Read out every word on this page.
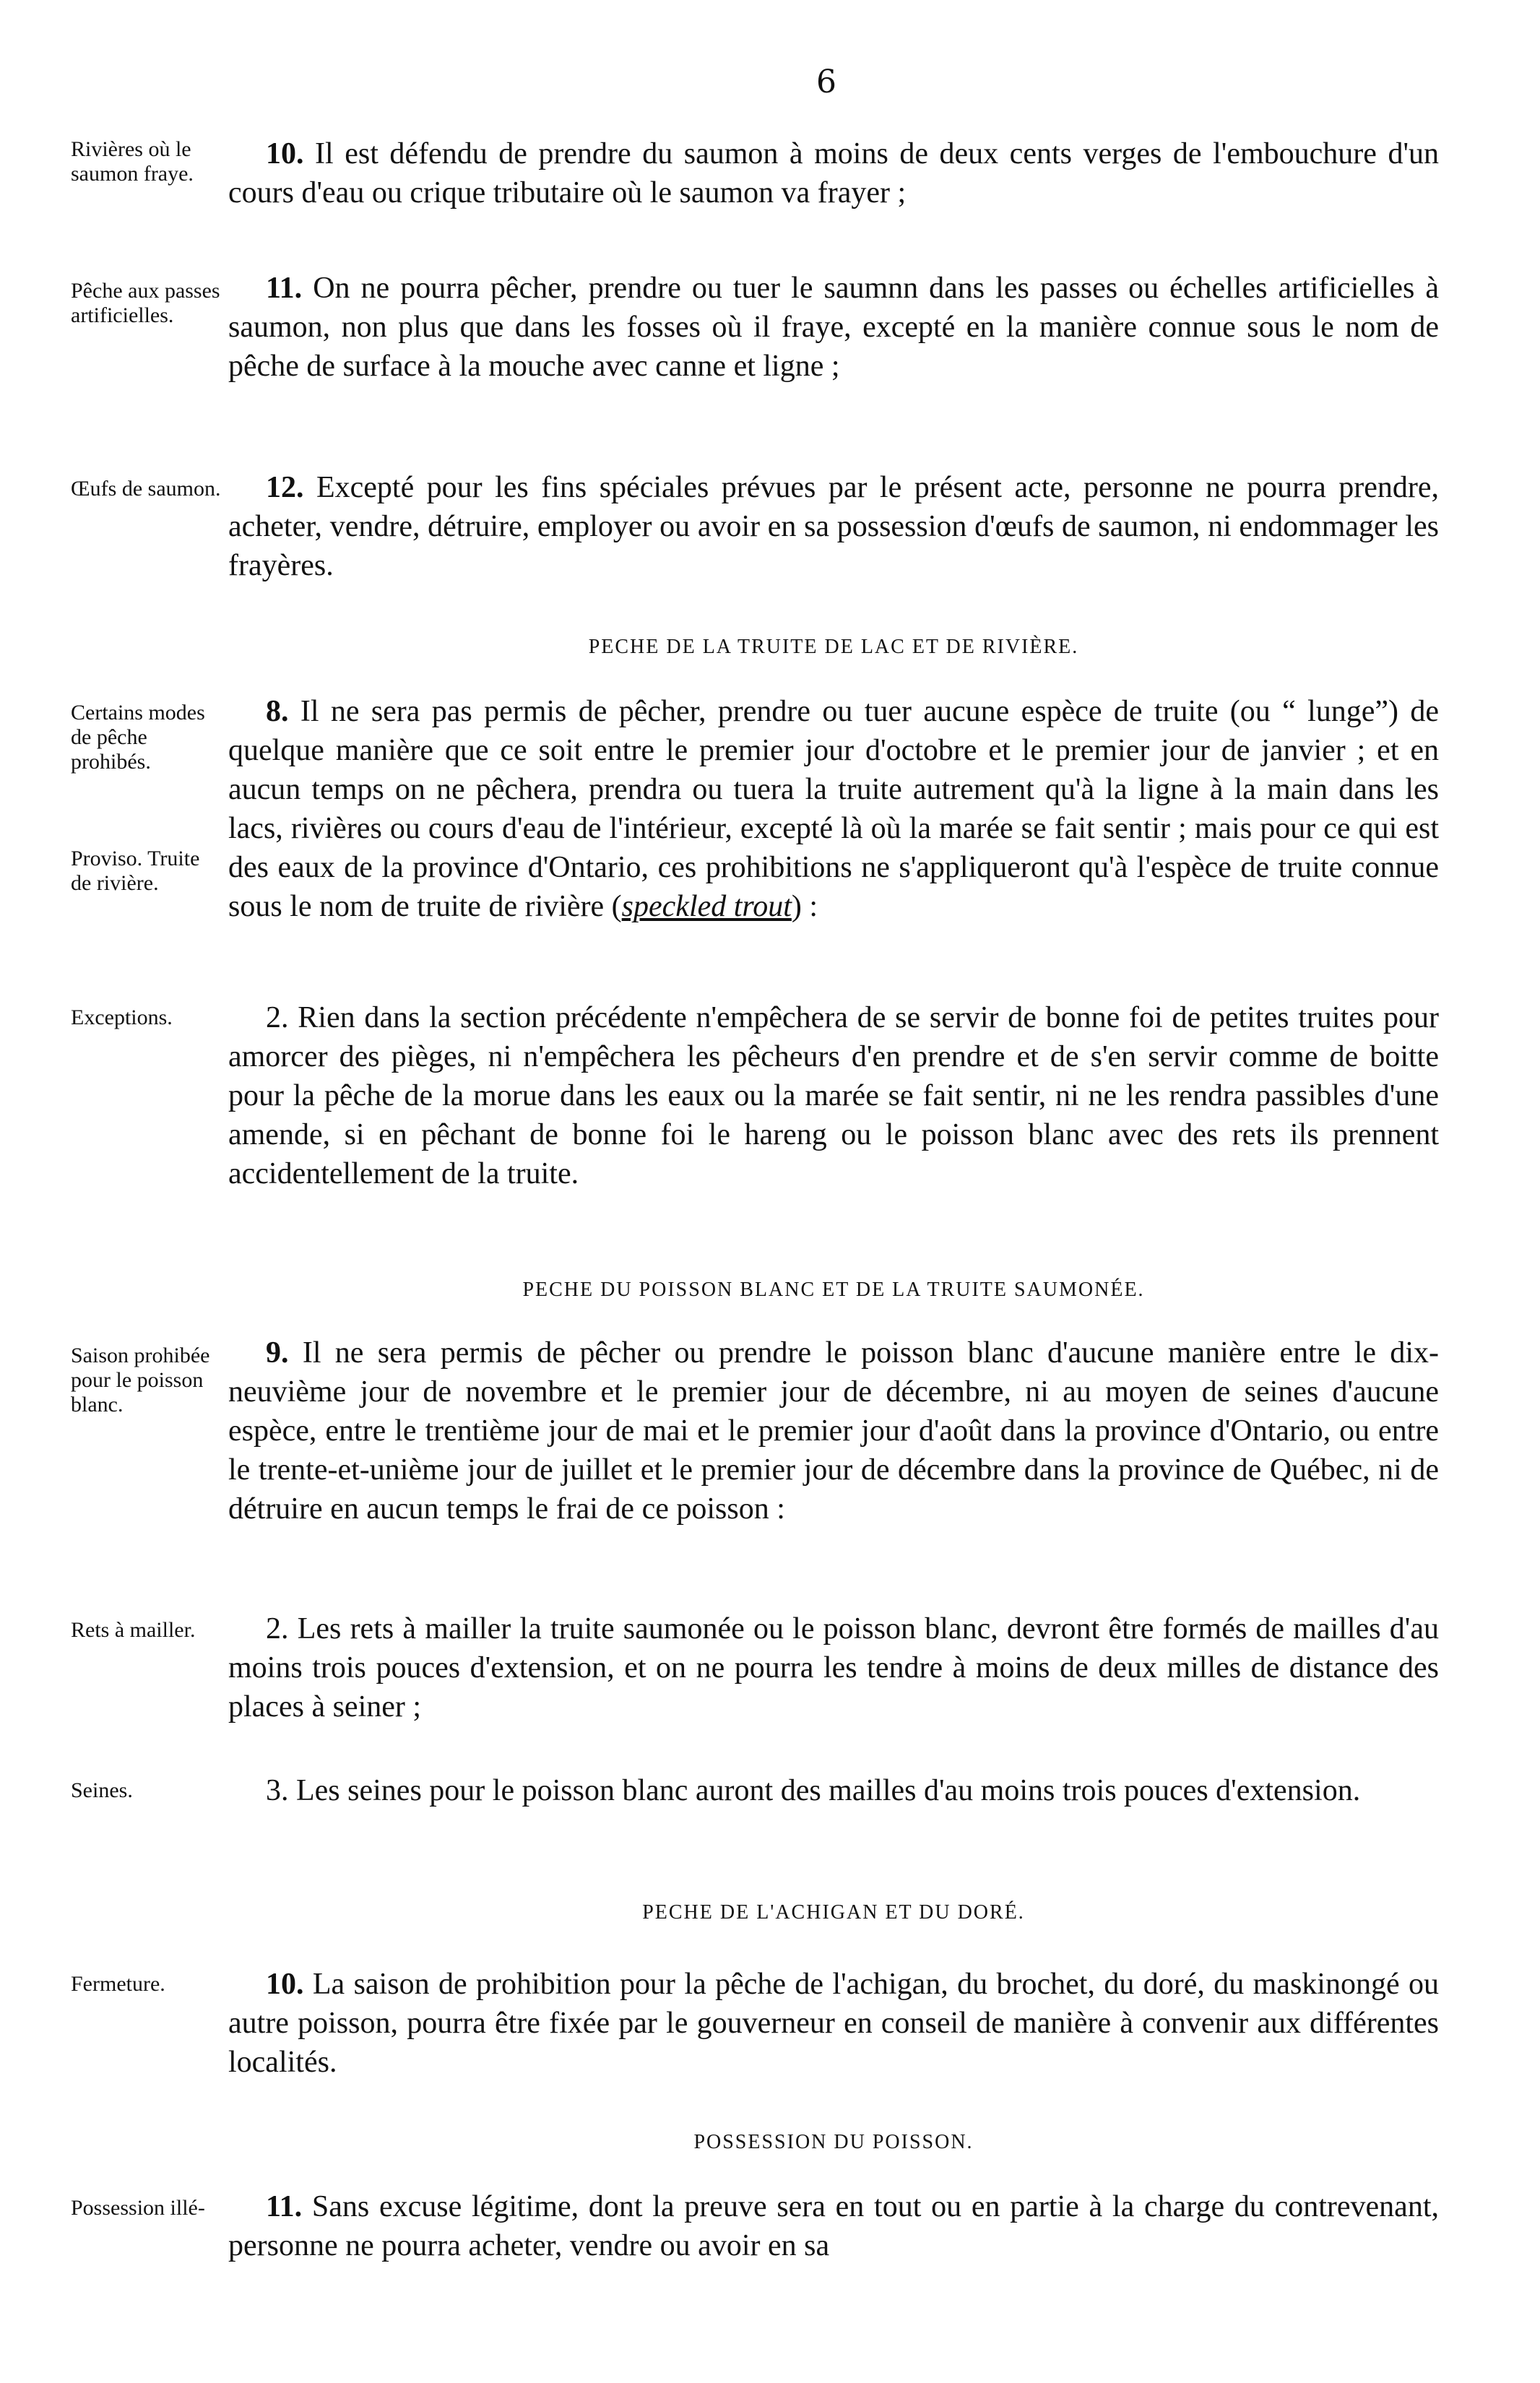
6
Rivières où le saumon fraye.
10. Il est défendu de prendre du saumon à moins de deux cents verges de l'embouchure d'un cours d'eau ou crique tributaire où le saumon va frayer ;
Pêche aux passes artificielles.
11. On ne pourra pêcher, prendre ou tuer le saumnn dans les passes ou échelles artificielles à saumon, non plus que dans les fosses où il fraye, excepté en la manière connue sous le nom de pêche de surface à la mouche avec canne et ligne ;
Œufs de saumon.	12. Excepté pour les fins spéciales prévues par le présent acte, personne ne pourra prendre, acheter, vendre, détruire, employer ou avoir en sa possession d'œufs de saumon, ni endommager les frayères.
PECHE DE LA TRUITE DE LAC ET DE RIVIÈRE.
Certains modes de pêche prohibés.
Proviso. Truite de rivière.
8. Il ne sera pas permis de pêcher, prendre ou tuer aucune espèce de truite (ou “ lunge”) de quelque manière que ce soit entre le premier jour d'octobre et le premier jour de janvier ; et en aucun temps on ne pêchera, prendra ou tuera la truite autrement qu'à la ligne à la main dans les lacs, rivières ou cours d'eau de l'intérieur, excepté là où la marée se fait sentir ; mais pour ce qui est des eaux de la province d'Ontario, ces prohibitions ne s'appliqueront qu'à l'espèce de truite connue sous le nom de truite de rivière (speckled trout) :
Exceptions.	2. Rien dans la section précédente n'empêchera de se servir de bonne foi de petites truites pour amorcer des pièges, ni n'empêchera les pêcheurs d'en prendre et de s'en servir comme de boitte pour la pêche de la morue dans les eaux ou la marée se fait sentir, ni ne les rendra passibles d'une amende, si en pêchant de bonne foi le hareng ou le poisson blanc avec des rets ils prennent accidentellement de la truite.
PECHE DU POISSON BLANC ET DE LA TRUITE SAUMONÉE.
Saison prohibée pour le poisson blanc.
9. Il ne sera permis de pêcher ou prendre le poisson blanc d'aucune manière entre le dix-neuvième jour de novembre et le premier jour de décembre, ni au moyen de seines d'aucune espèce, entre le trentième jour de mai et le premier jour d'août dans la province d'Ontario, ou entre le trente-et-unième jour de juillet et le premier jour de décembre dans la province de Québec, ni de détruire en aucun temps le frai de ce poisson :
Rets à mailler.	2. Les rets à mailler la truite saumonée ou le poisson blanc, devront être formés de mailles d'au moins trois pouces d'extension, et on ne pourra les tendre à moins de deux milles de distance des places à seiner ;
Seines.	3. Les seines pour le poisson blanc auront des mailles d'au moins trois pouces d'extension.
PECHE DE L'ACHIGAN ET DU DORÉ.
Fermeture.	10. La saison de prohibition pour la pêche de l'achigan, du brochet, du doré, du maskinongé ou autre poisson, pourra être fixée par le gouverneur en conseil de manière à convenir aux différentes localités.
POSSESSION DU POISSON.
Possession illé-	11. Sans excuse légitime, dont la preuve sera en tout ou en partie à la charge du contrevenant, personne ne pourra acheter, vendre ou avoir en sa
